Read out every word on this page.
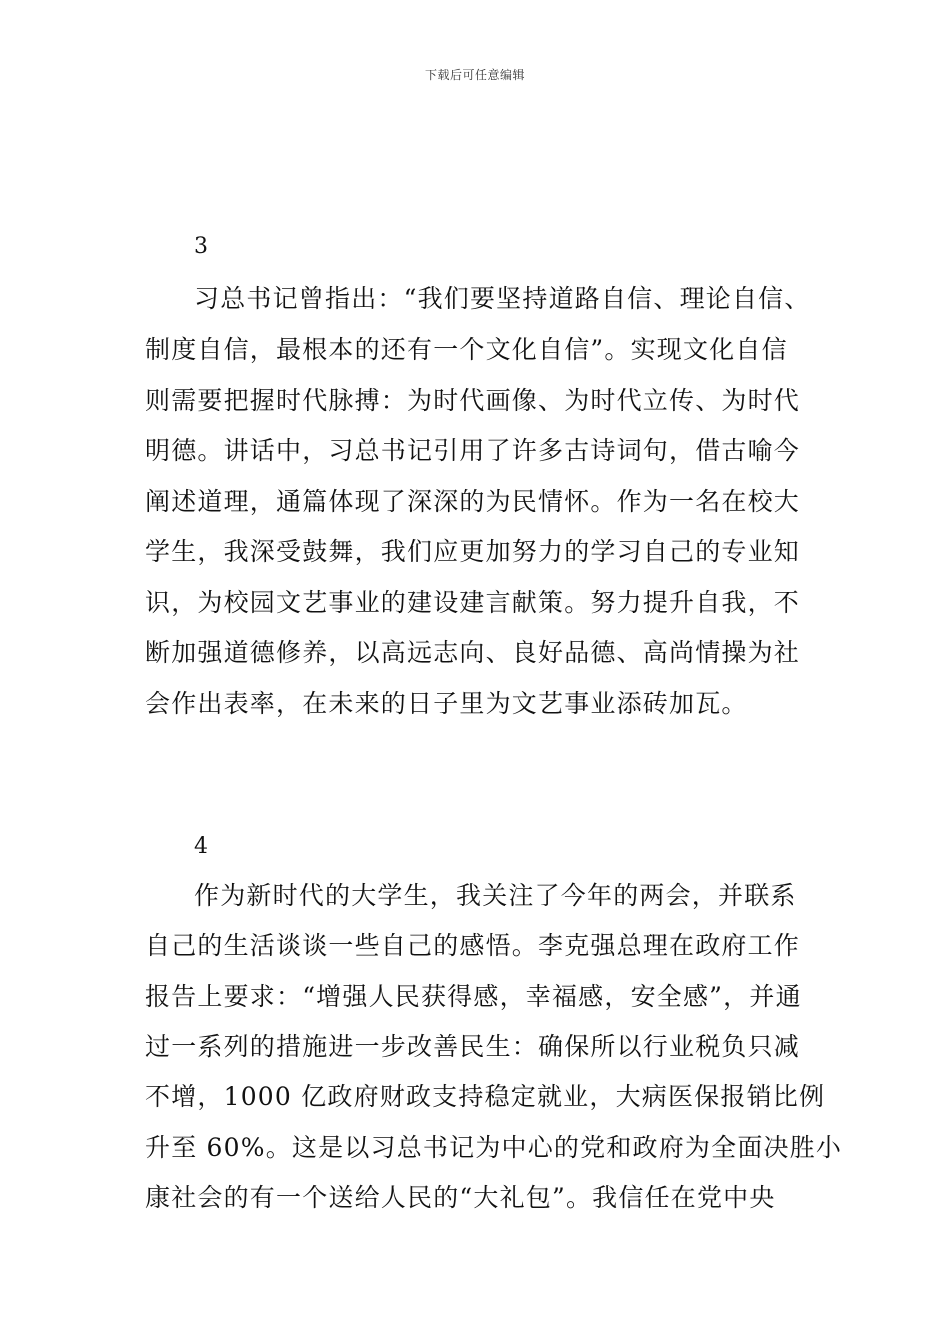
下载后可任意编辑
3
习总书记曾指出：“我们要坚持道路自信、理论自信、
制度自信，最根本的还有一个文化自信”。实现文化自信
则需要把握时代脉搏：为时代画像、为时代立传、为时代
明德。讲话中，习总书记引用了许多古诗词句，借古喻今
阐述道理，通篇体现了深深的为民情怀。作为一名在校大
学生，我深受鼓舞，我们应更加努力的学习自己的专业知
识，为校园文艺事业的建设建言献策。努力提升自我，不
断加强道德修养，以高远志向、良好品德、高尚情操为社
会作出表率，在未来的日子里为文艺事业添砖加瓦。
4
作为新时代的大学生，我关注了今年的两会，并联系
自己的生活谈谈一些自己的感悟。李克强总理在政府工作
报告上要求：“增强人民获得感，幸福感，安全感”，并通
过一系列的措施进一步改善民生：确保所以行业税负只减
不增，1000 亿政府财政支持稳定就业，大病医保报销比例
升至 60%。这是以习总书记为中心的党和政府为全面决胜小
康社会的有一个送给人民的“大礼包”。我信任在党中央
